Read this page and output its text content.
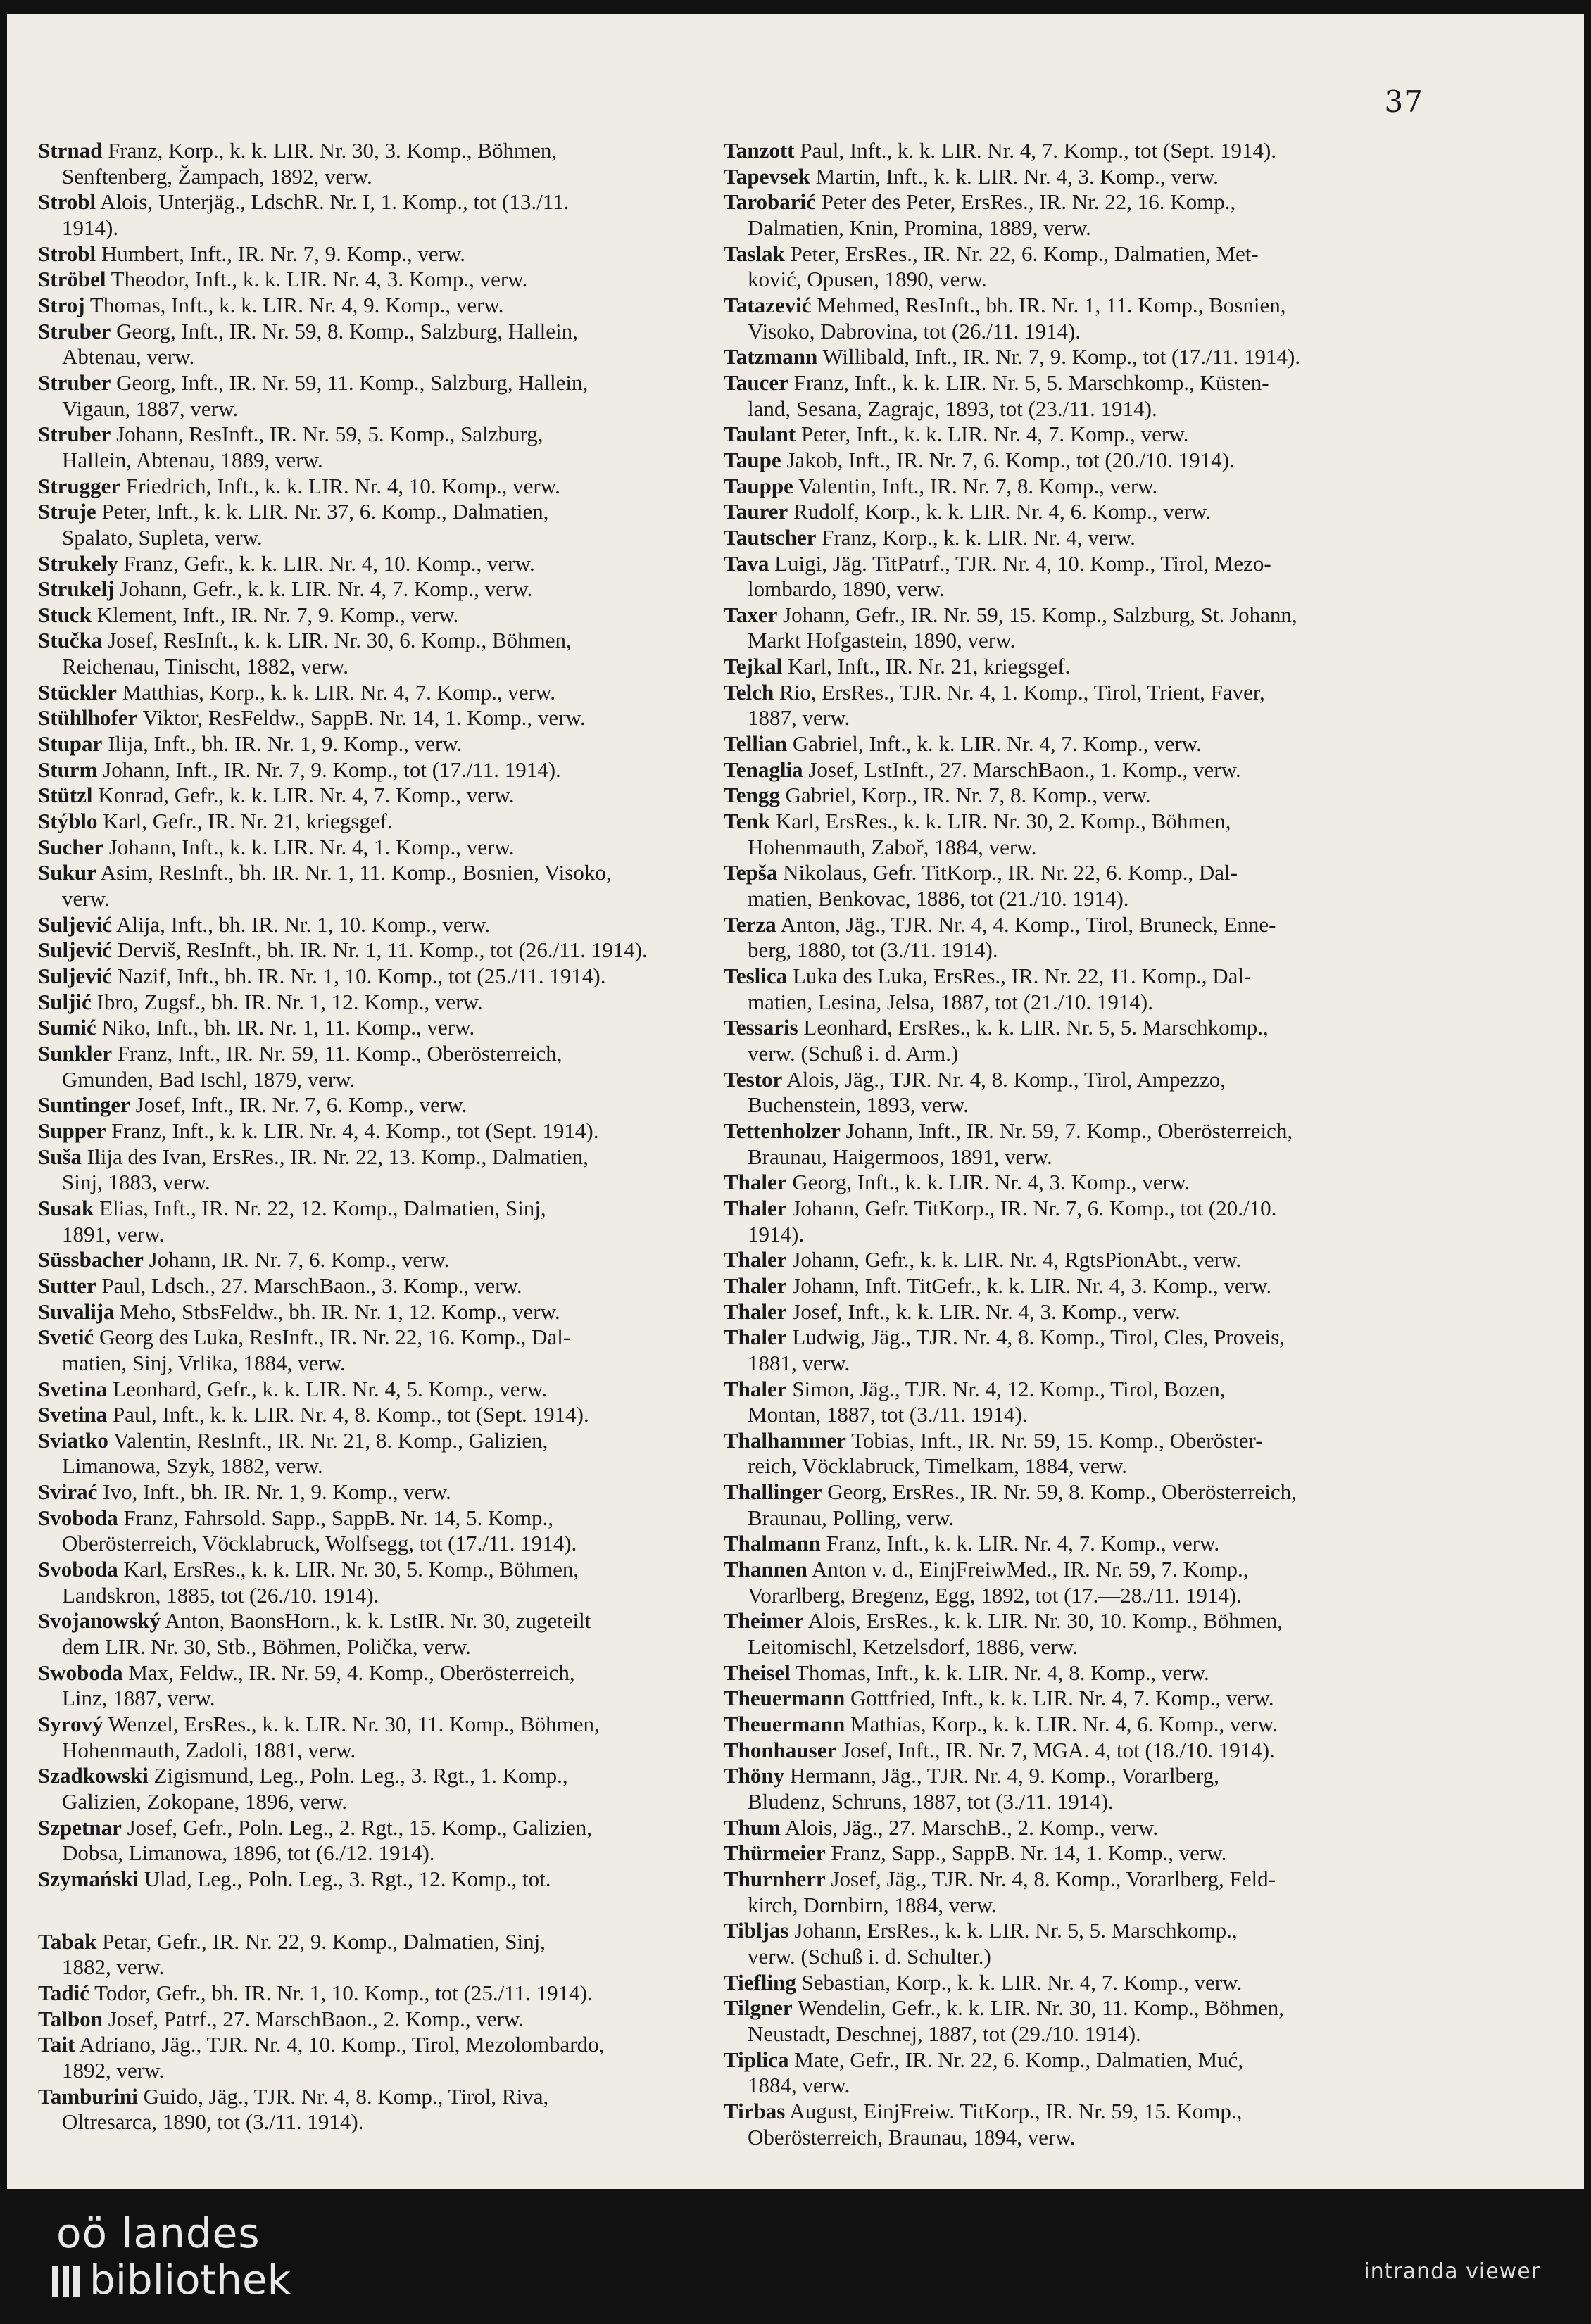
37
Strnad Franz, Korp., k. k. LIR. Nr. 30, 3. Komp., Böhmen,
Senftenberg, Žampach, 1892, verw.
Strobl Alois, Unterjäg., LdschR. Nr. I, 1. Komp., tot (13./11.
1914).
Strobl Humbert, Inft., IR. Nr. 7, 9. Komp., verw.
Ströbel Theodor, Inft., k. k. LIR. Nr. 4, 3. Komp., verw.
Stroj Thomas, Inft., k. k. LIR. Nr. 4, 9. Komp., verw.
Struber Georg, Inft., IR. Nr. 59, 8. Komp., Salzburg, Hallein,
Abtenau, verw.
Struber Georg, Inft., IR. Nr. 59, 11. Komp., Salzburg, Hallein,
Vigaun, 1887, verw.
Struber Johann, ResInft., IR. Nr. 59, 5. Komp., Salzburg,
Hallein, Abtenau, 1889, verw.
Strugger Friedrich, Inft., k. k. LIR. Nr. 4, 10. Komp., verw.
Struje Peter, Inft., k. k. LIR. Nr. 37, 6. Komp., Dalmatien,
Spalato, Supleta, verw.
Strukely Franz, Gefr., k. k. LIR. Nr. 4, 10. Komp., verw.
Strukelj Johann, Gefr., k. k. LIR. Nr. 4, 7. Komp., verw.
Stuck Klement, Inft., IR. Nr. 7, 9. Komp., verw.
Stučka Josef, ResInft., k. k. LIR. Nr. 30, 6. Komp., Böhmen,
Reichenau, Tinischt, 1882, verw.
Stückler Matthias, Korp., k. k. LIR. Nr. 4, 7. Komp., verw.
Stühlhofer Viktor, ResFeldw., SappB. Nr. 14, 1. Komp., verw.
Stupar Ilija, Inft., bh. IR. Nr. 1, 9. Komp., verw.
Sturm Johann, Inft., IR. Nr. 7, 9. Komp., tot (17./11. 1914).
Stützl Konrad, Gefr., k. k. LIR. Nr. 4, 7. Komp., verw.
Stýblo Karl, Gefr., IR. Nr. 21, kriegsgef.
Sucher Johann, Inft., k. k. LIR. Nr. 4, 1. Komp., verw.
Sukur Asim, ResInft., bh. IR. Nr. 1, 11. Komp., Bosnien, Visoko,
verw.
Suljević Alija, Inft., bh. IR. Nr. 1, 10. Komp., verw.
Suljević Derviš, ResInft., bh. IR. Nr. 1, 11. Komp., tot (26./11. 1914).
Suljević Nazif, Inft., bh. IR. Nr. 1, 10. Komp., tot (25./11. 1914).
Suljić Ibro, Zugsf., bh. IR. Nr. 1, 12. Komp., verw.
Sumić Niko, Inft., bh. IR. Nr. 1, 11. Komp., verw.
Sunkler Franz, Inft., IR. Nr. 59, 11. Komp., Oberösterreich,
Gmunden, Bad Ischl, 1879, verw.
Suntinger Josef, Inft., IR. Nr. 7, 6. Komp., verw.
Supper Franz, Inft., k. k. LIR. Nr. 4, 4. Komp., tot (Sept. 1914).
Suša Ilija des Ivan, ErsRes., IR. Nr. 22, 13. Komp., Dalmatien,
Sinj, 1883, verw.
Susak Elias, Inft., IR. Nr. 22, 12. Komp., Dalmatien, Sinj,
1891, verw.
Süssbacher Johann, IR. Nr. 7, 6. Komp., verw.
Sutter Paul, Ldsch., 27. MarschBaon., 3. Komp., verw.
Suvalija Meho, StbsFeldw., bh. IR. Nr. 1, 12. Komp., verw.
Svetić Georg des Luka, ResInft., IR. Nr. 22, 16. Komp., Dal-
matien, Sinj, Vrlika, 1884, verw.
Svetina Leonhard, Gefr., k. k. LIR. Nr. 4, 5. Komp., verw.
Svetina Paul, Inft., k. k. LIR. Nr. 4, 8. Komp., tot (Sept. 1914).
Sviatko Valentin, ResInft., IR. Nr. 21, 8. Komp., Galizien,
Limanowa, Szyk, 1882, verw.
Svirać Ivo, Inft., bh. IR. Nr. 1, 9. Komp., verw.
Svoboda Franz, Fahrsold. Sapp., SappB. Nr. 14, 5. Komp.,
Oberösterreich, Vöcklabruck, Wolfsegg, tot (17./11. 1914).
Svoboda Karl, ErsRes., k. k. LIR. Nr. 30, 5. Komp., Böhmen,
Landskron, 1885, tot (26./10. 1914).
Svojanowský Anton, BaonsHorn., k. k. LstIR. Nr. 30, zugeteilt
dem LIR. Nr. 30, Stb., Böhmen, Polička, verw.
Swoboda Max, Feldw., IR. Nr. 59, 4. Komp., Oberösterreich,
Linz, 1887, verw.
Syrový Wenzel, ErsRes., k. k. LIR. Nr. 30, 11. Komp., Böhmen,
Hohenmauth, Zadoli, 1881, verw.
Szadkowski Zigismund, Leg., Poln. Leg., 3. Rgt., 1. Komp.,
Galizien, Zokopane, 1896, verw.
Szpetnar Josef, Gefr., Poln. Leg., 2. Rgt., 15. Komp., Galizien,
Dobsa, Limanowa, 1896, tot (6./12. 1914).
Szymański Ulad, Leg., Poln. Leg., 3. Rgt., 12. Komp., tot.
Tabak Petar, Gefr., IR. Nr. 22, 9. Komp., Dalmatien, Sinj,
1882, verw.
Tadić Todor, Gefr., bh. IR. Nr. 1, 10. Komp., tot (25./11. 1914).
Talbon Josef, Patrf., 27. MarschBaon., 2. Komp., verw.
Tait Adriano, Jäg., TJR. Nr. 4, 10. Komp., Tirol, Mezolombardo,
1892, verw.
Tamburini Guido, Jäg., TJR. Nr. 4, 8. Komp., Tirol, Riva,
Oltresarca, 1890, tot (3./11. 1914).
Tanzott Paul, Inft., k. k. LIR. Nr. 4, 7. Komp., tot (Sept. 1914).
Tapevsek Martin, Inft., k. k. LIR. Nr. 4, 3. Komp., verw.
Tarobarić Peter des Peter, ErsRes., IR. Nr. 22, 16. Komp.,
Dalmatien, Knin, Promina, 1889, verw.
Taslak Peter, ErsRes., IR. Nr. 22, 6. Komp., Dalmatien, Met-
ković, Opusen, 1890, verw.
Tatazević Mehmed, ResInft., bh. IR. Nr. 1, 11. Komp., Bosnien,
Visoko, Dabrovina, tot (26./11. 1914).
Tatzmann Willibald, Inft., IR. Nr. 7, 9. Komp., tot (17./11. 1914).
Taucer Franz, Inft., k. k. LIR. Nr. 5, 5. Marschkomp., Küsten-
land, Sesana, Zagrajc, 1893, tot (23./11. 1914).
Taulant Peter, Inft., k. k. LIR. Nr. 4, 7. Komp., verw.
Taupe Jakob, Inft., IR. Nr. 7, 6. Komp., tot (20./10. 1914).
Tauppe Valentin, Inft., IR. Nr. 7, 8. Komp., verw.
Taurer Rudolf, Korp., k. k. LIR. Nr. 4, 6. Komp., verw.
Tautscher Franz, Korp., k. k. LIR. Nr. 4, verw.
Tava Luigi, Jäg. TitPatrf., TJR. Nr. 4, 10. Komp., Tirol, Mezo-
lombardo, 1890, verw.
Taxer Johann, Gefr., IR. Nr. 59, 15. Komp., Salzburg, St. Johann,
Markt Hofgastein, 1890, verw.
Tejkal Karl, Inft., IR. Nr. 21, kriegsgef.
Telch Rio, ErsRes., TJR. Nr. 4, 1. Komp., Tirol, Trient, Faver,
1887, verw.
Tellian Gabriel, Inft., k. k. LIR. Nr. 4, 7. Komp., verw.
Tenaglia Josef, LstInft., 27. MarschBaon., 1. Komp., verw.
Tengg Gabriel, Korp., IR. Nr. 7, 8. Komp., verw.
Tenk Karl, ErsRes., k. k. LIR. Nr. 30, 2. Komp., Böhmen,
Hohenmauth, Zaboř, 1884, verw.
Tepša Nikolaus, Gefr. TitKorp., IR. Nr. 22, 6. Komp., Dal-
matien, Benkovac, 1886, tot (21./10. 1914).
Terza Anton, Jäg., TJR. Nr. 4, 4. Komp., Tirol, Bruneck, Enne-
berg, 1880, tot (3./11. 1914).
Teslica Luka des Luka, ErsRes., IR. Nr. 22, 11. Komp., Dal-
matien, Lesina, Jelsa, 1887, tot (21./10. 1914).
Tessaris Leonhard, ErsRes., k. k. LIR. Nr. 5, 5. Marschkomp.,
verw. (Schuß i. d. Arm.)
Testor Alois, Jäg., TJR. Nr. 4, 8. Komp., Tirol, Ampezzo,
Buchenstein, 1893, verw.
Tettenholzer Johann, Inft., IR. Nr. 59, 7. Komp., Oberösterreich,
Braunau, Haigermoos, 1891, verw.
Thaler Georg, Inft., k. k. LIR. Nr. 4, 3. Komp., verw.
Thaler Johann, Gefr. TitKorp., IR. Nr. 7, 6. Komp., tot (20./10.
1914).
Thaler Johann, Gefr., k. k. LIR. Nr. 4, RgtsPionAbt., verw.
Thaler Johann, Inft. TitGefr., k. k. LIR. Nr. 4, 3. Komp., verw.
Thaler Josef, Inft., k. k. LIR. Nr. 4, 3. Komp., verw.
Thaler Ludwig, Jäg., TJR. Nr. 4, 8. Komp., Tirol, Cles, Proveis,
1881, verw.
Thaler Simon, Jäg., TJR. Nr. 4, 12. Komp., Tirol, Bozen,
Montan, 1887, tot (3./11. 1914).
Thalhammer Tobias, Inft., IR. Nr. 59, 15. Komp., Oberöster-
reich, Vöcklabruck, Timelkam, 1884, verw.
Thallinger Georg, ErsRes., IR. Nr. 59, 8. Komp., Oberösterreich,
Braunau, Polling, verw.
Thalmann Franz, Inft., k. k. LIR. Nr. 4, 7. Komp., verw.
Thannen Anton v. d., EinjFreiwMed., IR. Nr. 59, 7. Komp.,
Vorarlberg, Bregenz, Egg, 1892, tot (17.—28./11. 1914).
Theimer Alois, ErsRes., k. k. LIR. Nr. 30, 10. Komp., Böhmen,
Leitomischl, Ketzelsdorf, 1886, verw.
Theisel Thomas, Inft., k. k. LIR. Nr. 4, 8. Komp., verw.
Theuermann Gottfried, Inft., k. k. LIR. Nr. 4, 7. Komp., verw.
Theuermann Mathias, Korp., k. k. LIR. Nr. 4, 6. Komp., verw.
Thonhauser Josef, Inft., IR. Nr. 7, MGA. 4, tot (18./10. 1914).
Thöny Hermann, Jäg., TJR. Nr. 4, 9. Komp., Vorarlberg,
Bludenz, Schruns, 1887, tot (3./11. 1914).
Thum Alois, Jäg., 27. MarschB., 2. Komp., verw.
Thürmeier Franz, Sapp., SappB. Nr. 14, 1. Komp., verw.
Thurnherr Josef, Jäg., TJR. Nr. 4, 8. Komp., Vorarlberg, Feld-
kirch, Dornbirn, 1884, verw.
Tibljas Johann, ErsRes., k. k. LIR. Nr. 5, 5. Marschkomp.,
verw. (Schuß i. d. Schulter.)
Tiefling Sebastian, Korp., k. k. LIR. Nr. 4, 7. Komp., verw.
Tilgner Wendelin, Gefr., k. k. LIR. Nr. 30, 11. Komp., Böhmen,
Neustadt, Deschnej, 1887, tot (29./10. 1914).
Tiplica Mate, Gefr., IR. Nr. 22, 6. Komp., Dalmatien, Muć,
1884, verw.
Tirbas August, EinjFreiw. TitKorp., IR. Nr. 59, 15. Komp.,
Oberösterreich, Braunau, 1894, verw.
oö landes
bibliothek	intranda viewer
